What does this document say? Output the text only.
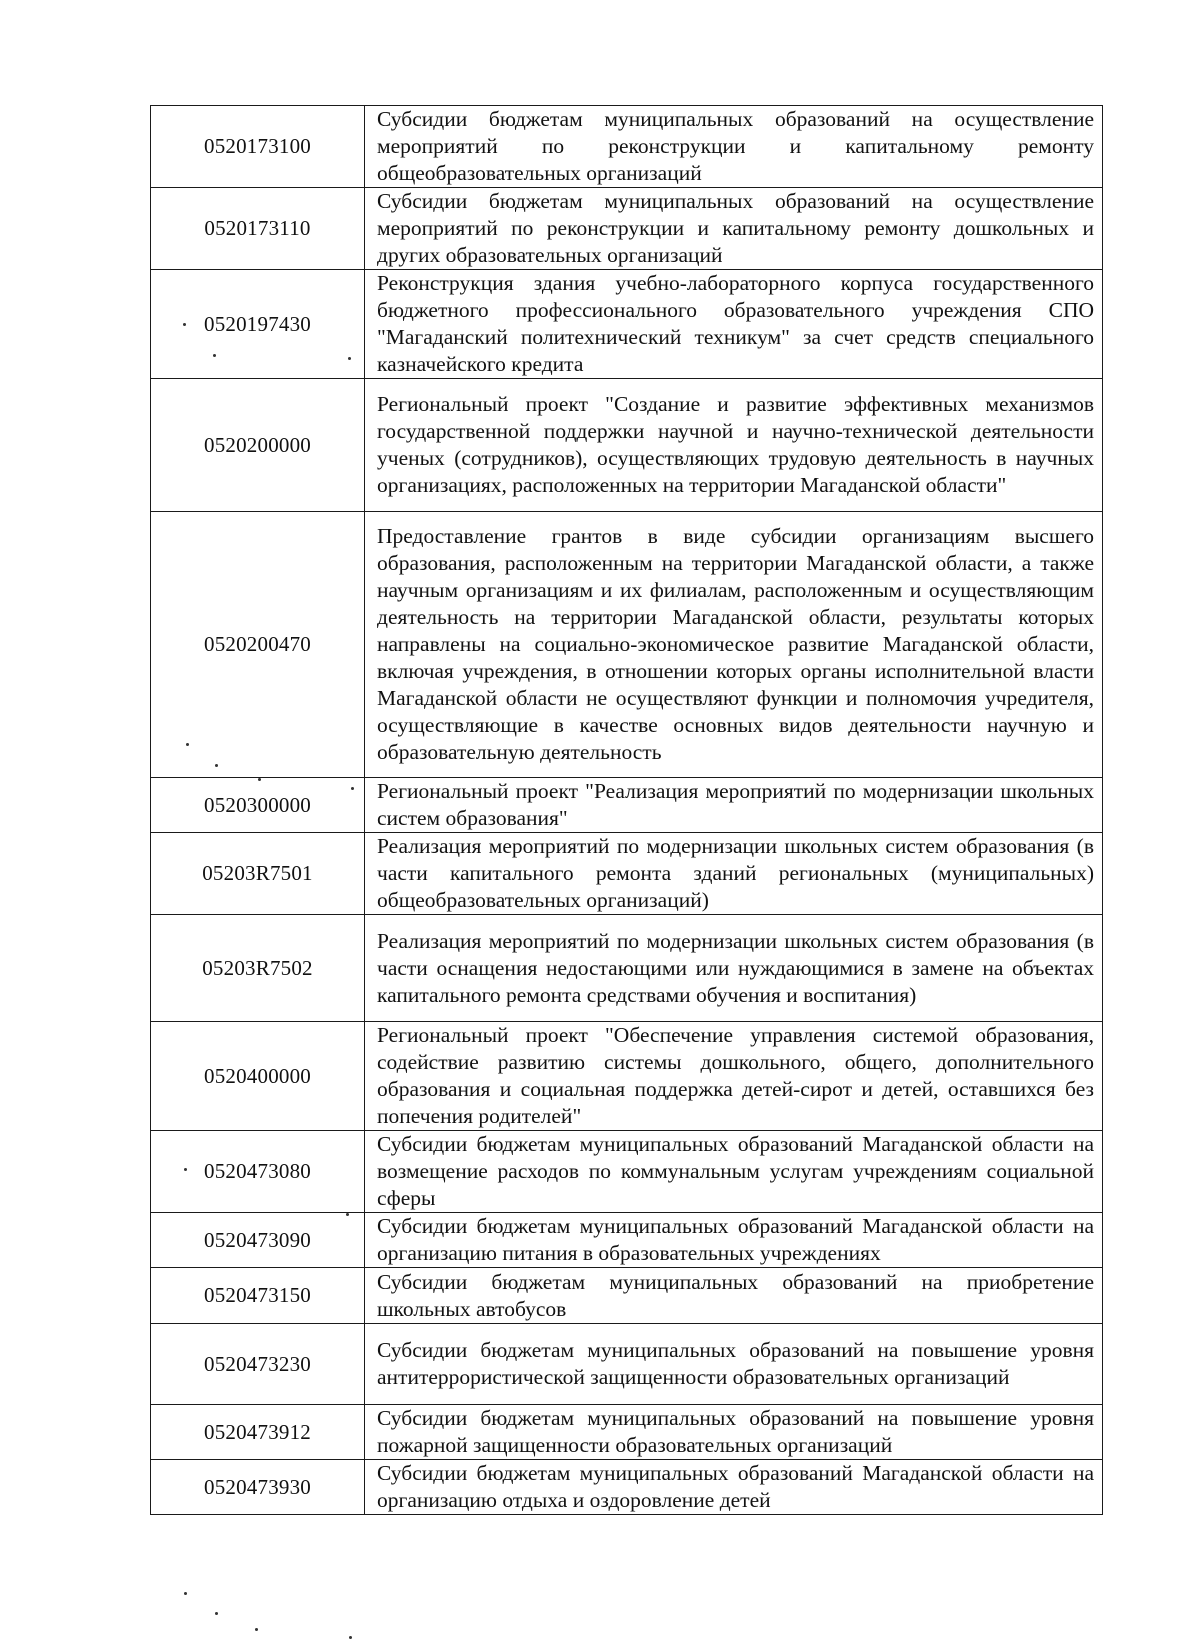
0520173100	Субсидии бюджетам муниципальных образований на осуществление мероприятий по реконструкции и капитальному ремонту общеобразовательных организаций
0520173110	Субсидии бюджетам муниципальных образований на осуществление мероприятий по реконструкции и капитальному ремонту дошкольных и других образовательных организаций
0520197430	Реконструкция здания учебно-лабораторного корпуса государственного бюджетного профессионального образовательного учреждения СПО "Магаданский политехнический техникум" за счет средств специального казначейского кредита
0520200000	Региональный проект "Создание и развитие эффективных механизмов государственной поддержки научной и научно-технической деятельности ученых (сотрудников), осуществляющих трудовую деятельность в научных организациях, расположенных на территории Магаданской области"
0520200470	Предоставление грантов в виде субсидии организациям высшего образования, расположенным на территории Магаданской области, а также научным организациям и их филиалам, расположенным и осуществляющим деятельность на территории Магаданской области, результаты которых направлены на социально-экономическое развитие Магаданской области, включая учреждения, в отношении которых органы исполнительной власти Магаданской области не осуществляют функции и полномочия учредителя, осуществляющие в качестве основных видов деятельности научную и образовательную деятельность
0520300000	Региональный проект "Реализация мероприятий по модернизации школьных систем образования"
05203R7501	Реализация мероприятий по модернизации школьных систем образования (в части капитального ремонта зданий региональных (муниципальных) общеобразовательных организаций)
05203R7502	Реализация мероприятий по модернизации школьных систем образования (в части оснащения недостающими или нуждающимися в замене на объектах капитального ремонта средствами обучения и воспитания)
0520400000	Региональный проект "Обеспечение управления системой образования, содействие развитию системы дошкольного, общего, дополнительного образования и социальная поддержка детей-сирот и детей, оставшихся без попечения родителей"
0520473080	Субсидии бюджетам муниципальных образований Магаданской области на возмещение расходов по коммунальным услугам учреждениям социальной сферы
0520473090	Субсидии бюджетам муниципальных образований Магаданской области на организацию питания в образовательных учреждениях
0520473150	Субсидии бюджетам муниципальных образований на приобретение школьных автобусов
0520473230	Субсидии бюджетам муниципальных образований на повышение уровня антитеррористической защищенности образовательных организаций
0520473912	Субсидии бюджетам муниципальных образований на повышение уровня пожарной защищенности образовательных организаций
0520473930	Субсидии бюджетам муниципальных образований Магаданской области на организацию отдыха и оздоровление детей
